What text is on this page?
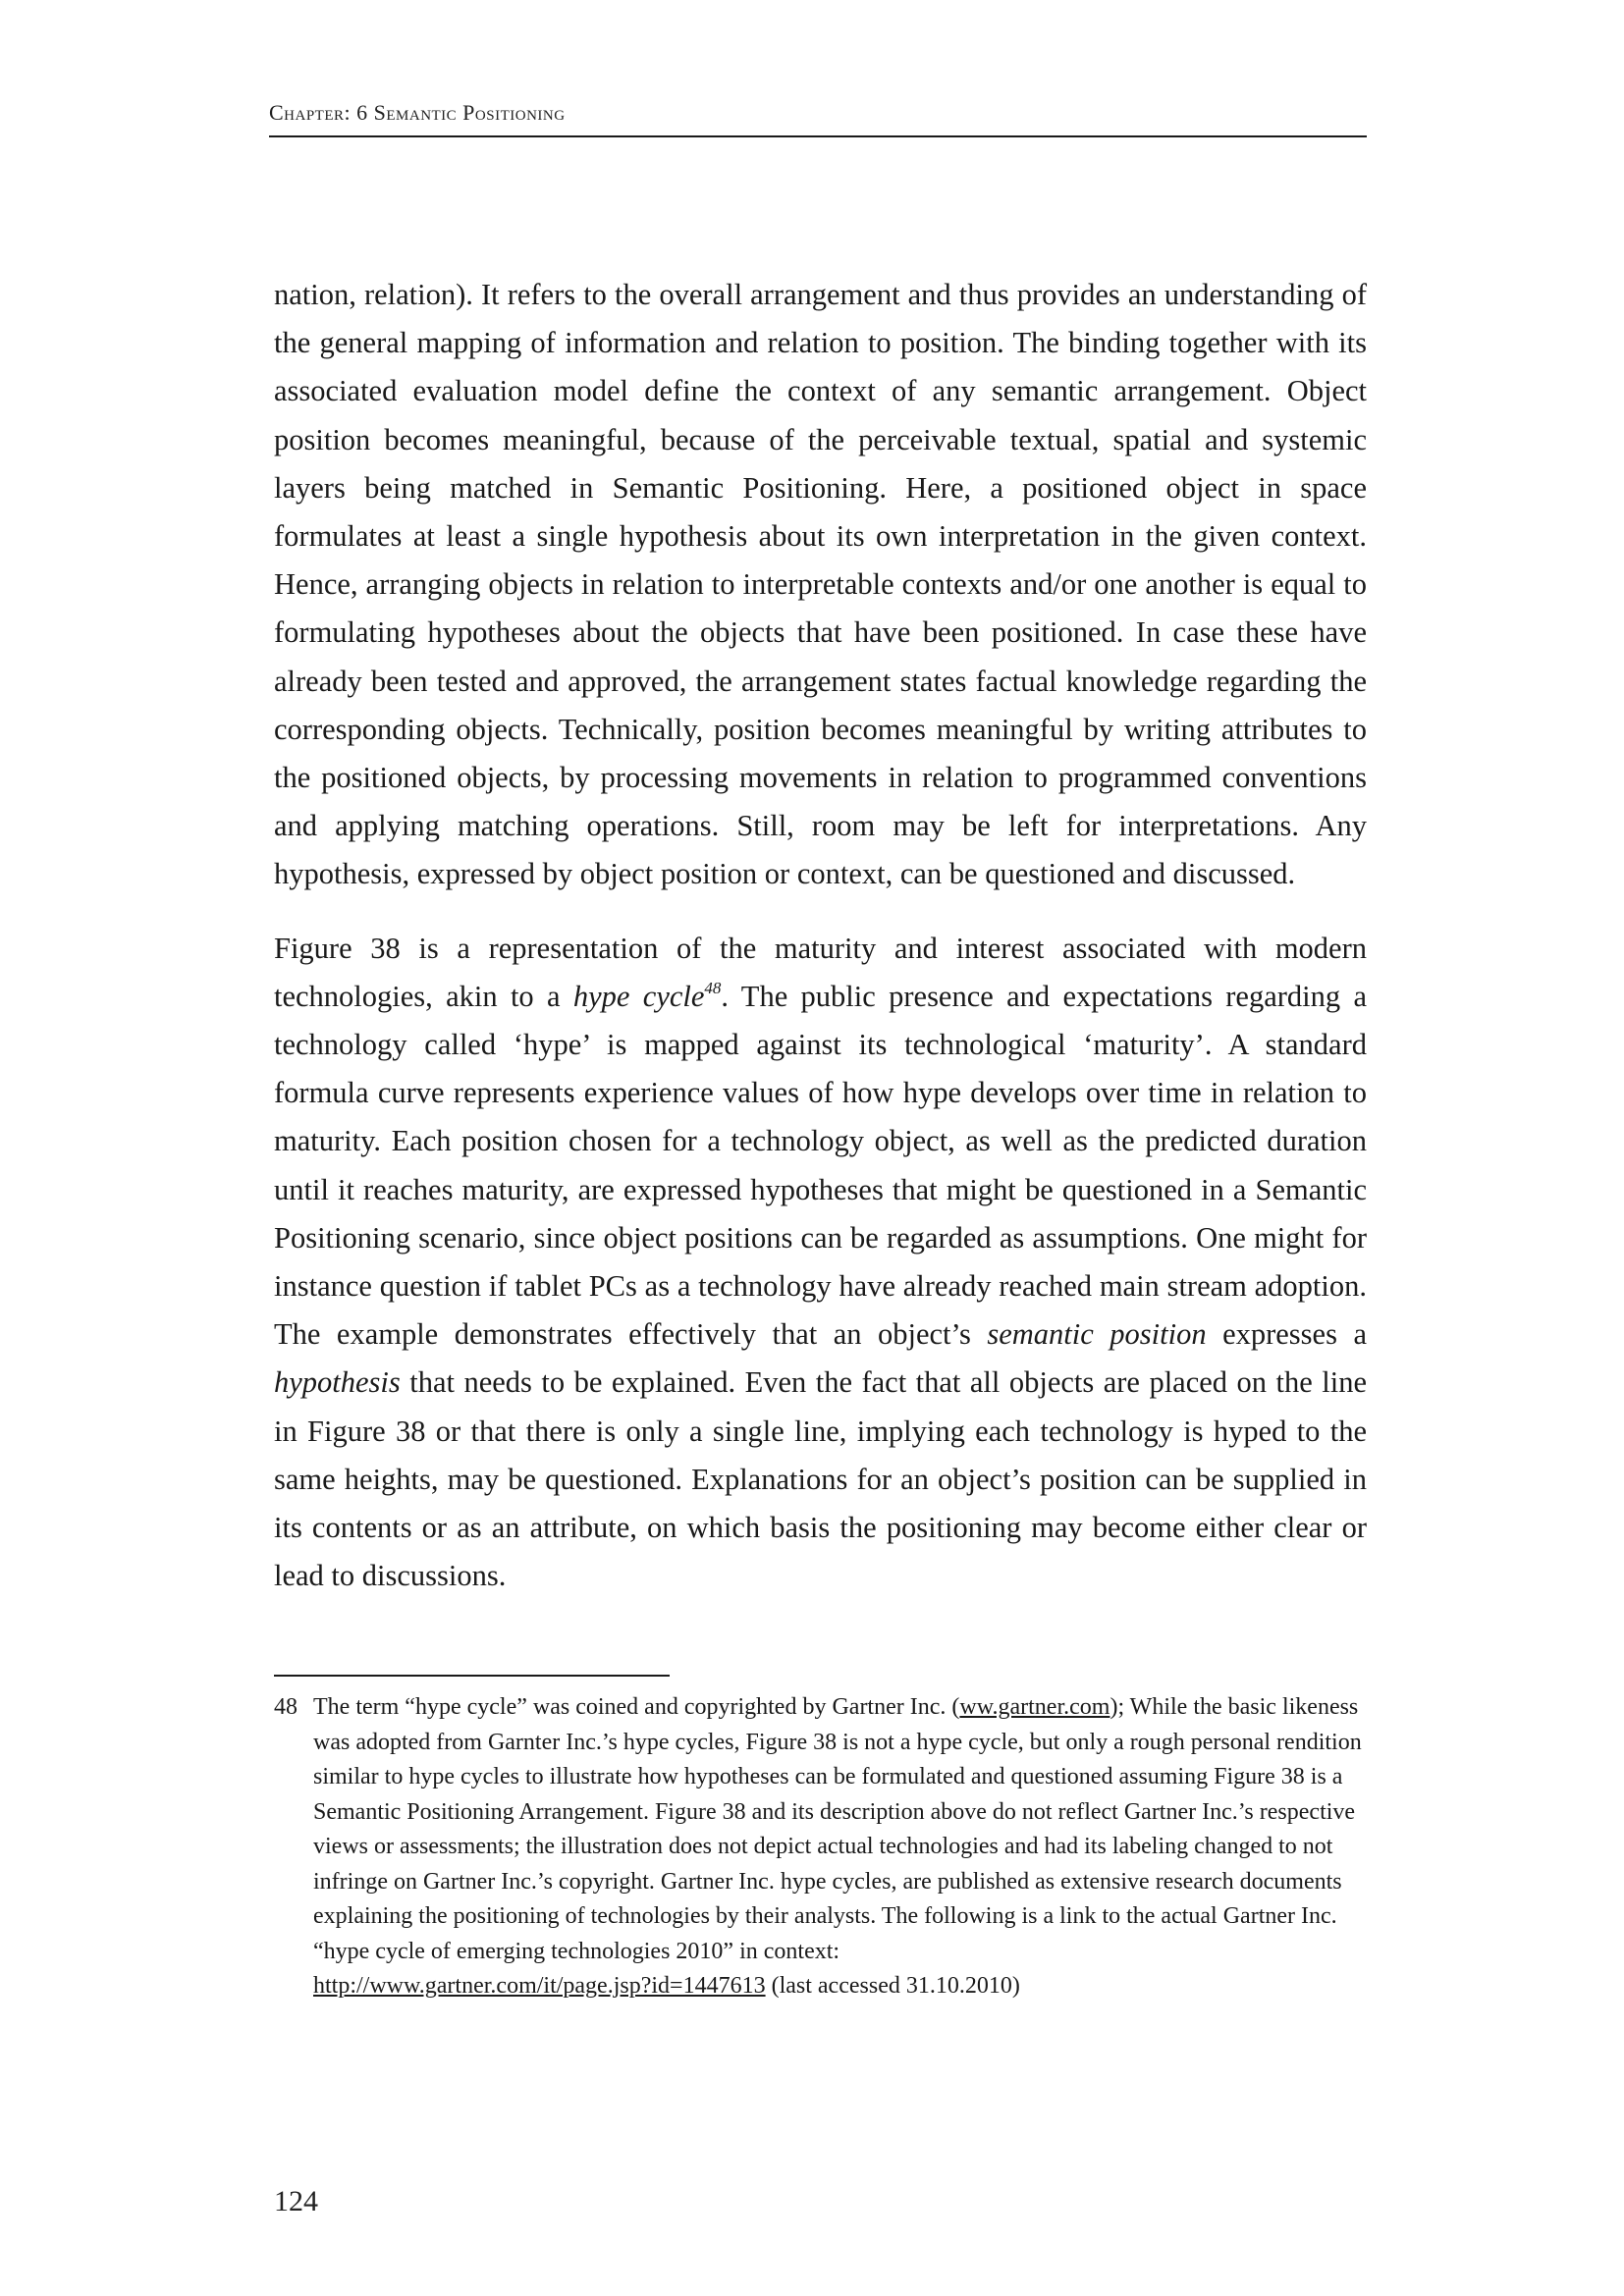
Chapter: 6 Semantic Positioning

nation, relation). It refers to the overall arrangement and thus provides an understanding of the general mapping of information and relation to position. The binding together with its associated evaluation model define the context of any semantic arrangement. Object position becomes meaningful, because of the perceivable textual, spatial and systemic layers being matched in Semantic Positioning. Here, a positioned object in space formulates at least a single hypothesis about its own interpretation in the given context. Hence, arranging objects in relation to interpretable contexts and/or one another is equal to formulating hypotheses about the objects that have been positioned. In case these have already been tested and approved, the arrangement states factual knowledge regarding the corresponding objects. Technically, position becomes meaningful by writing attributes to the positioned objects, by processing movements in relation to programmed conventions and applying matching operations. Still, room may be left for interpretations. Any hypothesis, expressed by object position or context, can be questioned and discussed.

Figure 38 is a representation of the maturity and interest associated with modern technologies, akin to a hype cycle$^{48}$. The public presence and expectations regarding a technology called ‘hype’ is mapped against its technological ‘maturity’. A standard formula curve represents experience values of how hype develops over time in relation to maturity. Each position chosen for a technology object, as well as the predicted duration until it reaches maturity, are expressed hypotheses that might be questioned in a Semantic Positioning scenario, since object positions can be regarded as assumptions. One might for instance question if tablet PCs as a technology have already reached main stream adoption. The example demonstrates effectively that an object’s semantic position expresses a hypothesis that needs to be explained. Even the fact that all objects are placed on the line in Figure 38 or that there is only a single line, implying each technology is hyped to the same heights, may be questioned. Explanations for an object’s position can be supplied in its contents or as an attribute, on which basis the positioning may become either clear or lead to discussions.

48 The term “hype cycle” was coined and copyrighted by Gartner Inc. (ww.gartner.com); While the basic likeness was adopted from Garnter Inc.’s hype cycles, Figure 38 is not a hype cycle, but only a rough personal rendition similar to hype cycles to illustrate how hypotheses can be formulated and questioned assuming Figure 38 is a Semantic Positioning Arrangement. Figure 38 and its description above do not reflect Gartner Inc.’s respective views or assessments; the illustration does not depict actual technologies and had its labeling changed to not infringe on Gartner Inc.’s copyright. Gartner Inc. hype cycles, are published as extensive research documents explaining the positioning of technologies by their analysts. The following is a link to the actual Gartner Inc. “hype cycle of emerging technologies 2010” in context:
http://www.gartner.com/it/page.jsp?id=1447613 (last accessed 31.10.2010)
124
